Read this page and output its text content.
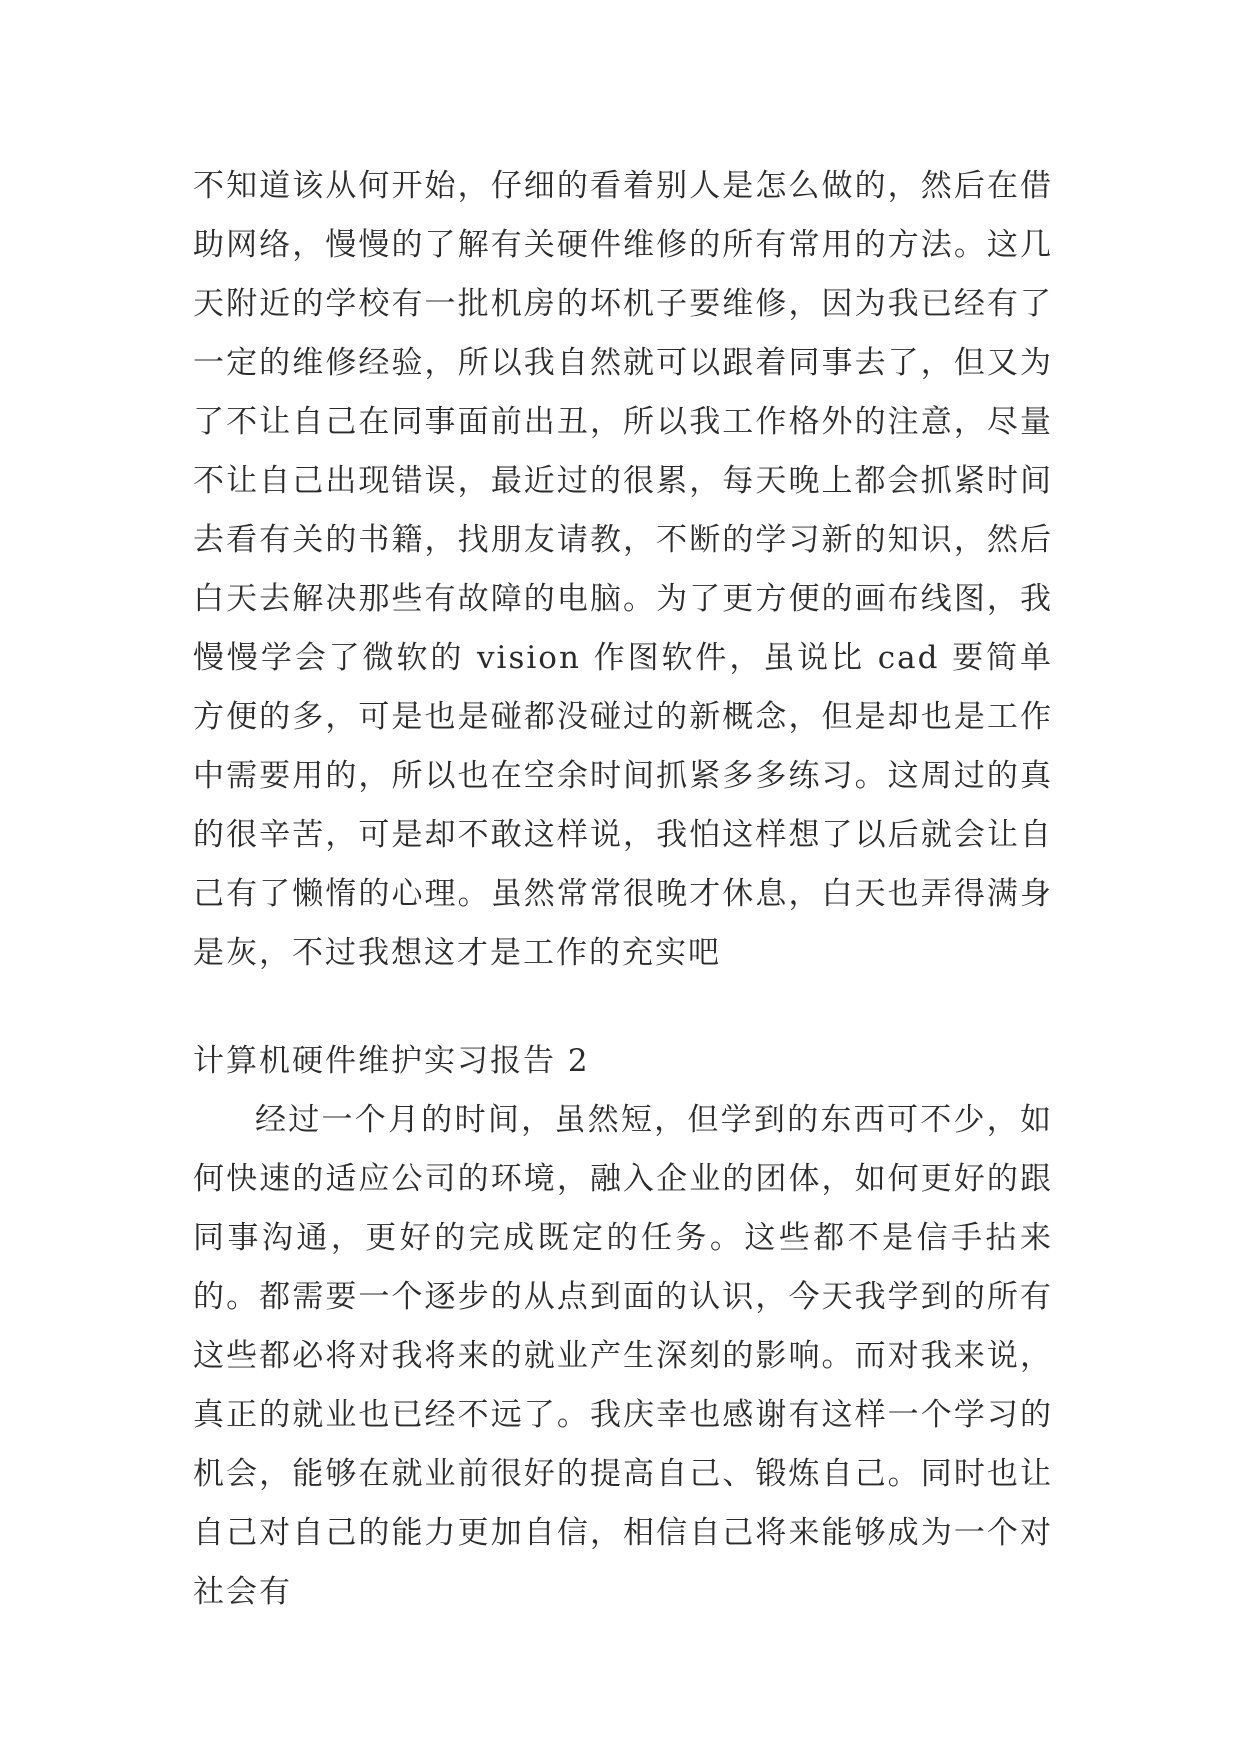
不知道该从何开始，仔细的看着别人是怎么做的，然后在借助网络，慢慢的了解有关硬件维修的所有常用的方法。这几天附近的学校有一批机房的坏机子要维修，因为我已经有了一定的维修经验，所以我自然就可以跟着同事去了，但又为了不让自己在同事面前出丑，所以我工作格外的注意，尽量不让自己出现错误，最近过的很累，每天晚上都会抓紧时间去看有关的书籍，找朋友请教，不断的学习新的知识，然后白天去解决那些有故障的电脑。为了更方便的画布线图，我慢慢学会了微软的 vision 作图软件，虽说比 cad 要简单方便的多，可是也是碰都没碰过的新概念，但是却也是工作中需要用的，所以也在空余时间抓紧多多练习。这周过的真的很辛苦，可是却不敢这样说，我怕这样想了以后就会让自己有了懒惰的心理。虽然常常很晚才休息，白天也弄得满身是灰，不过我想这才是工作的充实吧

计算机硬件维护实习报告 2

经过一个月的时间，虽然短，但学到的东西可不少，如何快速的适应公司的环境，融入企业的团体，如何更好的跟同事沟通，更好的完成既定的任务。这些都不是信手拈来的。都需要一个逐步的从点到面的认识，今天我学到的所有这些都必将对我将来的就业产生深刻的影响。而对我来说，真正的就业也已经不远了。我庆幸也感谢有这样一个学习的机会，能够在就业前很好的提高自己、锻炼自己。同时也让自己对自己的能力更加自信，相信自己将来能够成为一个对社会有
